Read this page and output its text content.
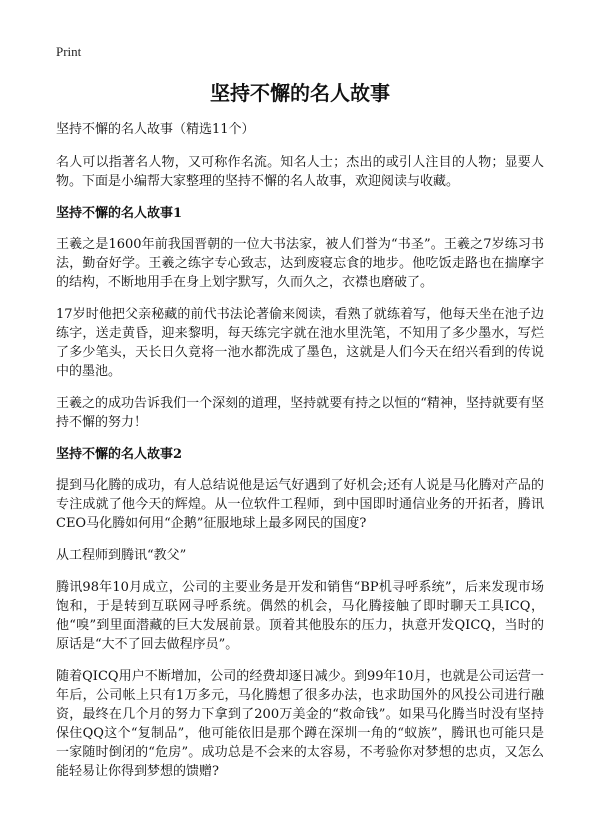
Print
坚持不懈的名人故事
坚持不懈的名人故事（精选11个）
名人可以指著名人物，又可称作名流。知名人士；杰出的或引人注目的人物；显要人物。下面是小编帮大家整理的坚持不懈的名人故事，欢迎阅读与收藏。
坚持不懈的名人故事1
王羲之是1600年前我国晋朝的一位大书法家，被人们誉为“书圣”。王羲之7岁练习书法，勤奋好学。王羲之练字专心致志，达到废寝忘食的地步。他吃饭走路也在揣摩字的结构，不断地用手在身上划字默写，久而久之，衣襟也磨破了。
17岁时他把父亲秘藏的前代书法论著偷来阅读，看熟了就练着写，他每天坐在池子边练字，送走黄昏，迎来黎明，每天练完字就在池水里洗笔，不知用了多少墨水，写烂了多少笔头，天长日久竟将一池水都洗成了墨色，这就是人们今天在绍兴看到的传说中的墨池。
王羲之的成功告诉我们一个深刻的道理，坚持就要有持之以恒的“精神，坚持就要有坚持不懈的努力！
坚持不懈的名人故事2
提到马化腾的成功，有人总结说他是运气好遇到了好机会;还有人说是马化腾对产品的专注成就了他今天的辉煌。从一位软件工程师，到中国即时通信业务的开拓者，腾讯CEO马化腾如何用“企鹅”征服地球上最多网民的国度?
从工程师到腾讯“教父”
腾讯98年10月成立，公司的主要业务是开发和销售“BP机寻呼系统”，后来发现市场饱和，于是转到互联网寻呼系统。偶然的机会，马化腾接触了即时聊天工具ICQ，他“嗅”到里面潜藏的巨大发展前景。顶着其他股东的压力，执意开发QICQ，当时的原话是“大不了回去做程序员”。
随着QICQ用户不断增加，公司的经费却逐日减少。到99年10月，也就是公司运营一年后，公司帐上只有1万多元，马化腾想了很多办法，也求助国外的风投公司进行融资，最终在几个月的努力下拿到了200万美金的“救命钱”。如果马化腾当时没有坚持保住QQ这个“复制品”，他可能依旧是那个蹲在深圳一角的“蚁族”，腾讯也可能只是一家随时倒闭的“危房”。成功总是不会来的太容易，不考验你对梦想的忠贞，又怎么能轻易让你得到梦想的馈赠?
